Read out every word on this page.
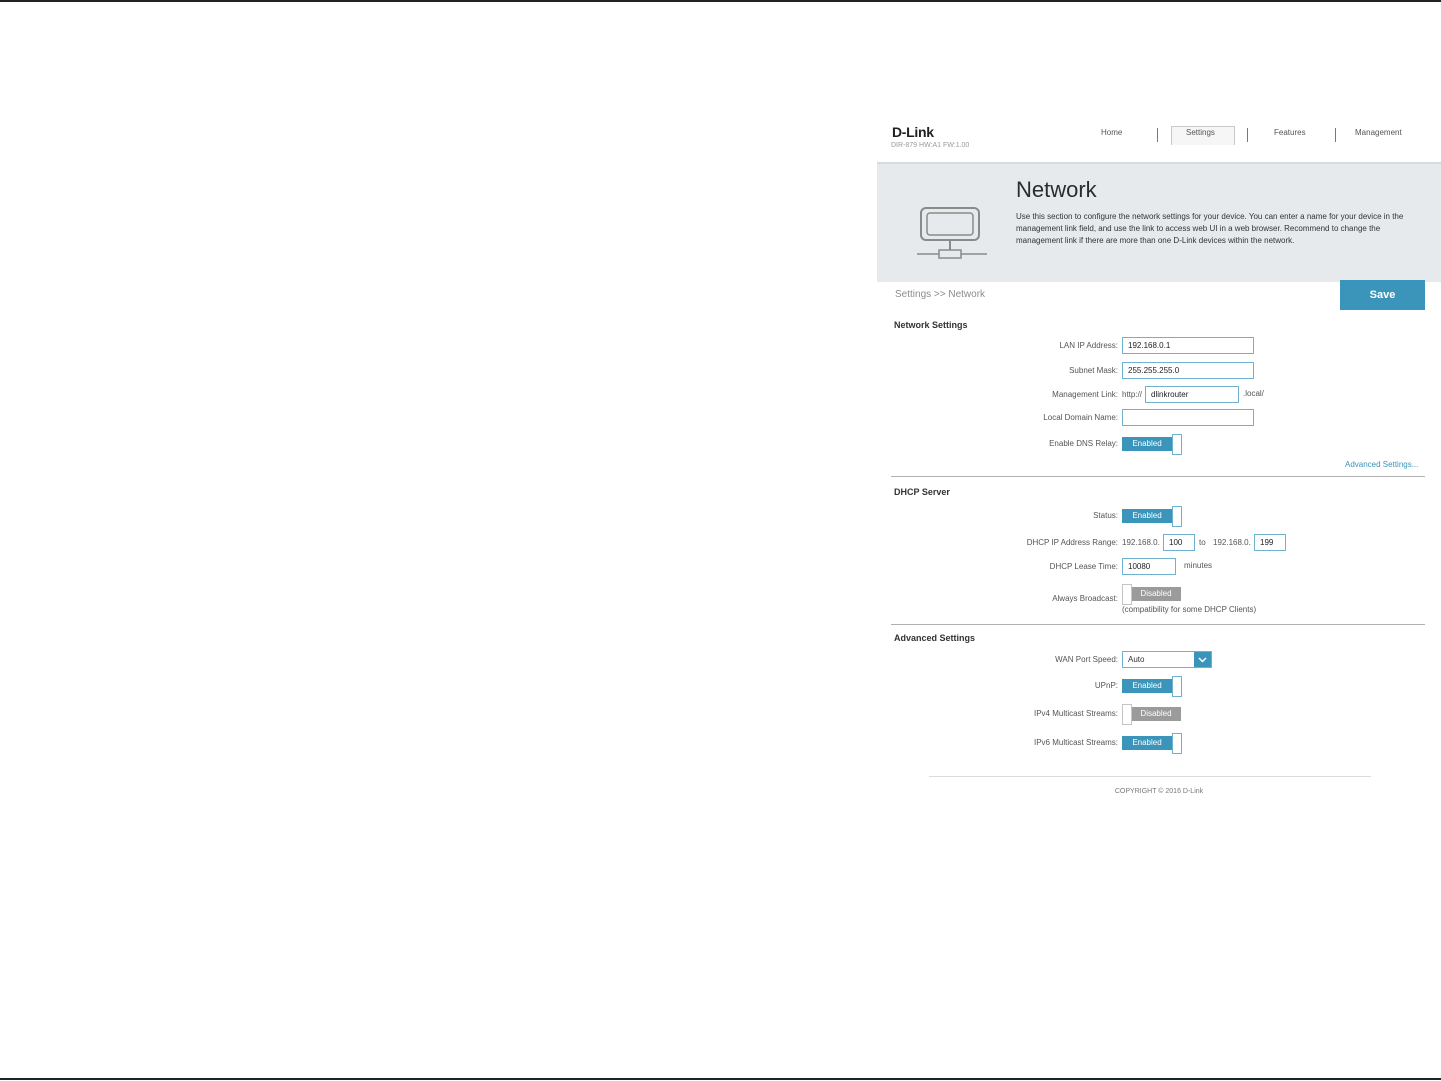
D-Link
DIR-879 HW:A1 FW:1.00
Home	Settings	Features	Management
Network
Use this section to configure the network settings for your device. You can enter a name for your device in the management link field, and use the link to access web UI in a web browser. Recommend to change the management link if there are more than one D-Link devices within the network.
Settings >> Network	Save
Network Settings
LAN IP Address:	192.168.0.1
Subnet Mask:	255.255.255.0
Management Link: http://	dlinkrouter	.local/
Local Domain Name:
Enable DNS Relay:	Enabled
Advanced Settings...
DHCP Server
Status:	Enabled
DHCP IP Address Range: 192.168.0.	100	to 192.168.0.	199
DHCP Lease Time:	10080	minutes
Always Broadcast:
Disabled
(compatibility for some DHCP Clients)
Advanced Settings
WAN Port Speed: Auto
UPnP:	Enabled
IPv4 Multicast Streams:	Disabled
IPv6 Multicast Streams:	Enabled
COPYRIGHT © 2016 D-Link
